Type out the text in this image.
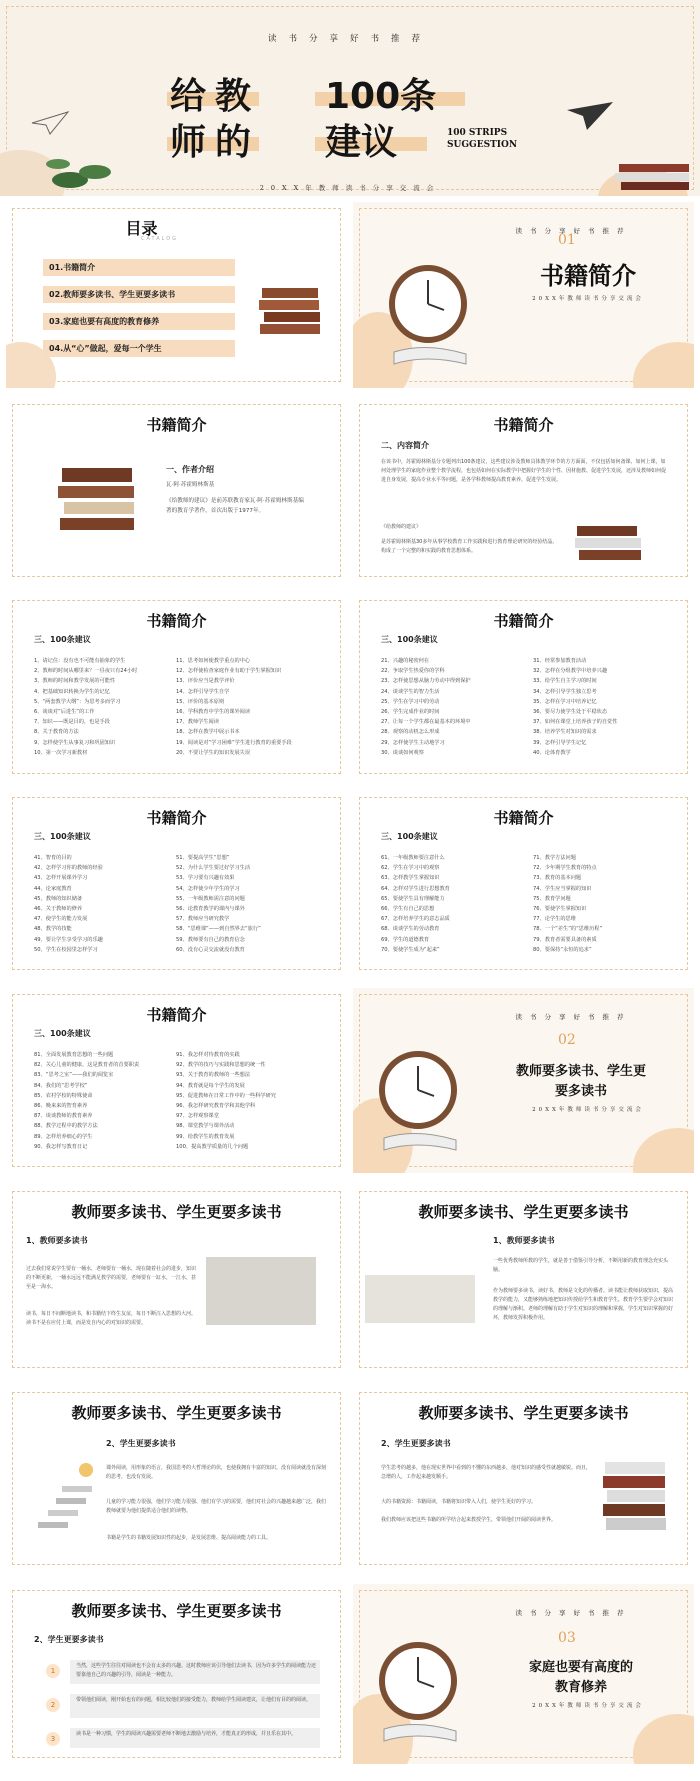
读书分享好书推荐
给 教 100条
师 的 建议	100 STRIPS
SUGGESTION
20XX年教师读书分享交流会
目录
CATALOG
01.书籍简介
02.教师要多读书、学生更要多读书
03.家庭也要有高度的教育修养
04.从“心”做起，爱每一个学生
读书分享好书推荐
01
书籍简介
20XX年教师读书分享交流会
书籍简介
一、作者介绍
瓦·阿·苏霍姆林斯基
《给教师的建议》是前苏联教育家瓦·阿·苏霍姆林斯基编著的教育学著作，首次出版于1977年。
书籍简介
二、内容简介
在该书中，苏霍姆林斯基分专题列出100条建议，这些建议涉及教师具体教学环节的方方面面，不仅包括如何备课、如何上课，如何处理学生的家庭作业整个教学流程，也包括如何在实际教学中把握好学生的个性、因材施教、促进学生发展，还涉及教师如何促进自身发展，提高专业水平等问题，是各学科教师提高教育素养、促进学生发展。
《给教师的建议》
是苏霍姆林斯基30多年从事学校教育工作实践和进行教育理论研究的经验结晶。构成了一个完整的和实践的教育思想体系。
书籍简介
三、100条建议
1、请记住：没有也不可能有抽象的学生
2、教师的时间从哪里来？一昼夜只有24小时
3、教师的时间和教学发展的可能性
4、把基础知识转换为学生的记忆
5、“两套教学大纲”：为思考多而学习
6、谈谈对“后进生”的工作
7、知识——既是目的，也是手段
8、关于教育的方法
9、怎样使学生从事复习和巩固知识
10、第一次学习新教材
11、思考如何使教学重点的中心
12、怎样使检查家庭作业有助于学生掌握知识
13、评价应当是教学评价
14、怎样引导学生自学
15、评价的基本原则
16、学科教育中学生的课外阅读
17、教师学生阅读
18、怎样在教学中展示书本
19、阅读是对“学习困难”学生进行教育的重要手段
20、不要让学生的知识发展失误
书籍简介
三、100条建议
21、兴趣的秘密何在
22、争取学生热爱你的学科
23、怎样使思想从脑力劳动中得到保护
24、谈谈学生的智力生活
25、学生在学习中的劳动
26、学生完成作业的时间
27、让每一个学生都在最基本的环境中
28、观察的动机怎么形成
29、怎样使学生主动地学习
30、谈谈如何观察
31、经常参加教育活动
32、怎样在分组教学中培养兴趣
33、给学生自主学习的时间
34、怎样引导学生独立思考
35、怎样在学习中培养记忆
36、要尽力使学生处于平稳状态
37、如何在课堂上培养孩子的自觉性
38、培养学生对知识的需求
39、怎样引导学生记忆
40、论体育教学
书籍简介
三、100条建议
41、智育的目的
42、怎样学习你的教师的经验
43、怎样开展课外学习
44、论家庭教育
45、教师的知识储备
46、关于教师的修养
47、使学生的能力发展
48、教学的技能
49、要让学生享受学习的乐趣
50、学生在校园里怎样学习
51、要提高学生“思想”
52、为什么学生要过好学习生活
53、学习要有兴趣有效果
54、怎样使少年学生的学习
55、一年级教师需注意的问题
56、论教育教学的课内与课外
57、教师应当研究教学
58、“思维课”——到自然界去“旅行”
59、教师要有自己的教育信念
60、没有心灵交流就没有教育
书籍简介
三、100条建议
61、一年级教师要注意什么
62、学生在学习中的观察
63、怎样教学生掌握知识
64、怎样对学生进行思想教育
65、要使学生具有理解能力
66、学生有自己的思想
67、怎样培养学生的意志品质
68、谈谈学生的劳动教育
69、学生的道德教育
70、要使学生成为“起来”
71、教学方法问题
72、少年期学生教育的特点
73、教育的基本问题
74、学生应当掌握的知识
75、教育学问题
76、要使学生掌握知识
77、论学生的思维
78、一个“差生”的“思维历程”
79、教育者需要具备的素质
80、要保持“永恒的追求”
书籍简介
三、100条建议
81、全面发展教育思想的一些问题
82、关心儿童的健康，这是教育者的首要职责
83、“思考之室”——我们的阅览室
84、我们的“思考学校”
85、农村学校的特殊使命
86、晚来来的智育素养
87、谈谈教师的教育素养
88、教学过程中的教学方法
89、怎样培养细心的学生
90、我怎样写教育日记
91、我怎样对待教育的实践
92、教学的技巧与实践和思想的统一性
93、关于教育的教师的一些想法
94、教育就是每个学生的发展
95、促进教师在日常工作中的一些科学研究
96、我怎样研究教育学和其他学科
97、怎样观察课堂
98、课堂教学与课外活动
99、给教学生的教育发展
100、提高教学质量的几个问题
读书分享好书推荐
02
教师要多读书、学生更
要多读书
20XX年教师读书分享交流会
教师要多读书、学生更要多读书
1、教师要多读书
过去我们常说学生要有一桶水，老师要有一桶水，现在随着社会的进步，知识的不断更新，一桶水远远不能满足教学的需要，老师要有一缸水，一江水，甚至是一海水。
读书，每日不间断地读书，和书籍结下终生友谊，每日不断注入思想的大河。读书不是在应付上课，而是发自内心的对知识的需要。
教师要多读书、学生更要多读书
1、教师要多读书
一些优秀教师所教的学生，就是善于借鉴引导分析，不断用新的教育理念充实头脑。
作为教师要多读书，读好书，教师是文化的传播者。读书能让教师获取知识，提高教学的能力，又能够熟练地把知识传授给学生和教育学生，教育学生要学会对知识的理解与渐积。老师的理解有助于学生对知识的理解和掌握，学生对知识掌握的好坏，教师发挥积极作用。
教师要多读书、学生更要多读书
2、学生更要多读书
课外阅读，用形象的语言，我国思考的大哲理论的伏，也使我拥有丰富的知识。没有阅读就没有深刻的思考，也没有发展。
儿童的学习能力很强，他们学习能力很强、他们有学习的需要，他们对社会的兴趣越来越广泛，我们教师就要为他们提供适合他们的读物。
书籍是学生的书籍发展知识性的起步，是发展思维、提高阅读能力的工具。
教师要多读书、学生更要多读书
2、学生更要多读书
学生思考的越多，他在现实世界中看到的不懂的东西越多，他对知识的感受性就越敏锐。而且，急增的人，工作起来越发顺手。
大的书籍资源：书籍阅读，书籍将知识带入人们，使学生更好的学习。
我们教师应该把这些书籍的所学结合起来教授学生，带领他们开阔的阅读世界。
教师要多读书、学生更要多读书
2、学生更要多读书
1
当然，这些学生往往对阅读也不会有太多的兴趣。这时教师应该引导他们去读书，因为许多学生的阅读能力还要靠他自己的兴趣的引导，阅读是一种能力。
2
带领他们阅读，刚开始也有的问题，相比较他们的接受能力，教师给学生阅读建议，让他们有目的的阅读。
3
读书是一种习惯，学生的阅读兴趣需要老师不断地去激励与培养，才能真正的形成，并且乐在其中。
读书分享好书推荐
03
家庭也要有高度的
教育修养
20XX年教师读书分享交流会
